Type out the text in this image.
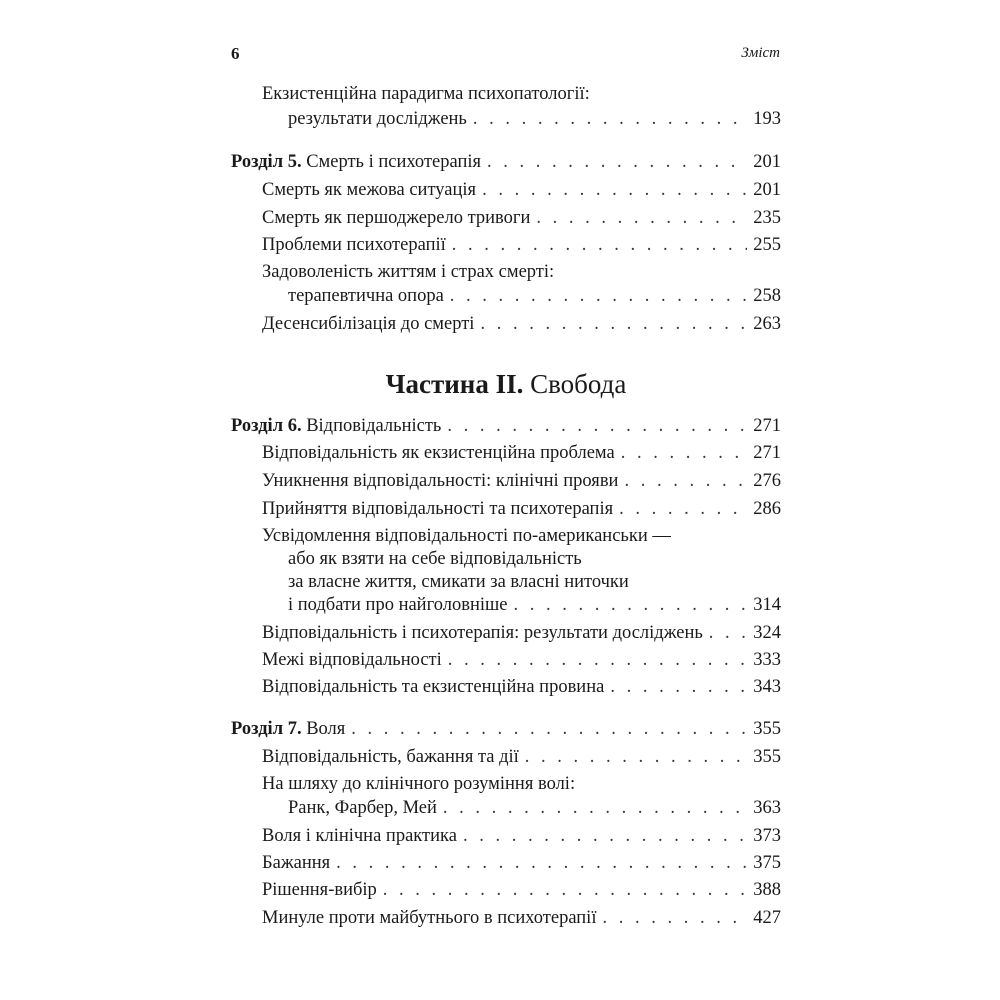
6	Зміст
Екзистенційна парадигма психопатології:
результати досліджень . . .	193
Розділ 5. Смерть і психотерапія . . .	201
Смерть як межова ситуація . . .	201
Смерть як першоджерело тривоги . . .	235
Проблеми психотерапії . . .	255
Задоволеність життям і страх смерті:
терапевтична опора . . .	258
Десенсибілізація до смерті . . .	263
Частина II. Свобода
Розділ 6. Відповідальність . . .	271
Відповідальність як екзистенційна проблема . . .	271
Уникнення відповідальності: клінічні прояви . . .	276
Прийняття відповідальності та психотерапія . . .	286
Усвідомлення відповідальності по-американськи —
або як взяти на себе відповідальність
за власне життя, смикати за власні ниточки
і подбати про найголовніше . . .	314
Відповідальність і психотерапія: результати досліджень . . .	324
Межі відповідальності . . .	333
Відповідальність та екзистенційна провина . . .	343
Розділ 7. Воля . . .	355
Відповідальність, бажання та дії . . .	355
На шляху до клінічного розуміння волі:
Ранк, Фарбер, Мей . . .	363
Воля і клінічна практика . . .	373
Бажання . . .	375
Рішення-вибір . . .	388
Минуле проти майбутнього в психотерапії . . .	427
